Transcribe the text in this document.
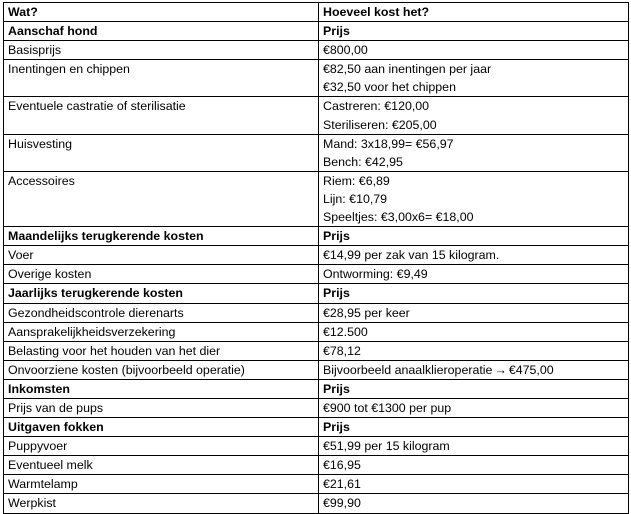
Wat?	Hoeveel kost het?
Aanschaf hond	Prijs
Basisprijs	€800,00

Inentingen en chippen	€82,50 aan inentingen per jaar
€32,50 voor het chippen

Eventuele castratie of sterilisatie	Castreren: €120,00
Steriliseren: €205,00

Huisvesting	Mand: 3x18,99= €56,97
Bench: €42,95

Accessoires	Riem: €6,89
Lijn: €10,79
Speeltjes: €3,00x6= €18,00

Maandelijks terugkerende kosten	Prijs
Voer	€14,99 per zak van 15 kilogram.

Overige kosten	Ontworming: €9,49

Jaarlijks terugkerende kosten	Prijs
Gezondheidscontrole dierenarts	€28,95 per keer

Aansprakelijkheidsverzekering	€12.500

Belasting voor het houden van het dier	€78,12

Onvoorziene kosten (bijvoorbeeld operatie)	Bijvoorbeeld anaalklieroperatie → €475,00
Inkomsten	Prijs
Prijs van de pups	€900 tot €1300 per pup

Uitgaven fokken	Prijs
Puppyvoer	€51,99 per 15 kilogram

Eventueel melk	€16,95

Warmtelamp	€21,61

Werpkist	€99,90
